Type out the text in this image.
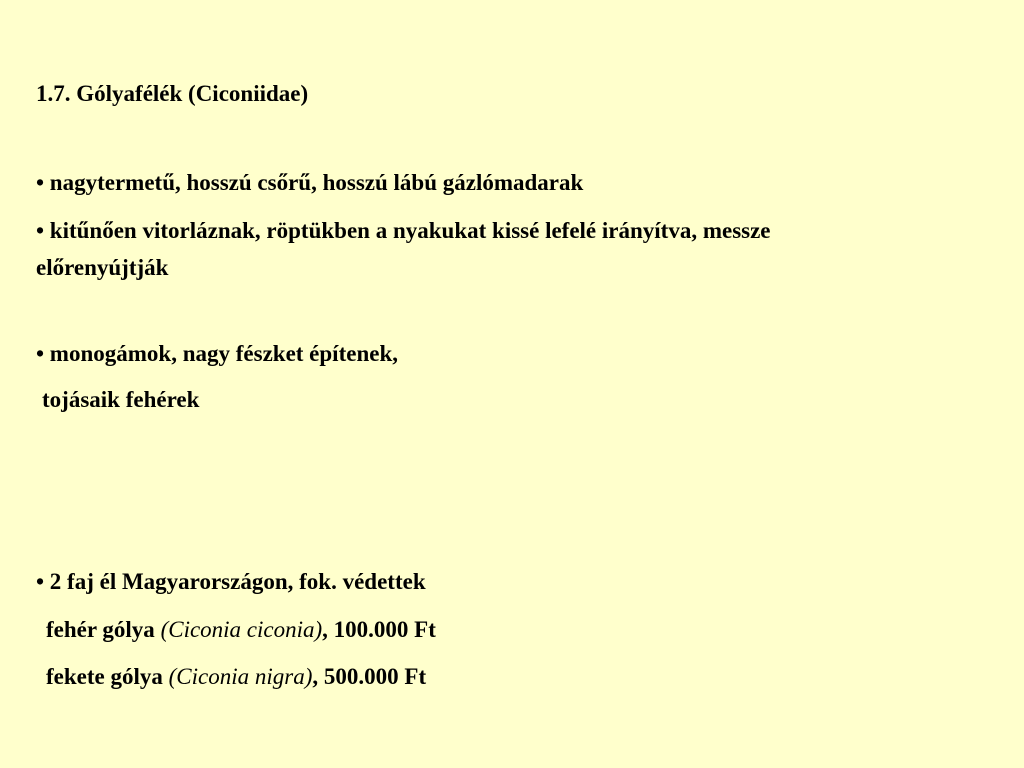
1.7. Gólyafélék (Ciconiidae)
• nagytermetű, hosszú csőrű, hosszú lábú gázlómadarak
• kitűnően vitorláznak, röptükben a nyakukat kissé lefelé irányítva, messze
előrenyújtják
• monogámok, nagy fészket építenek,
tojásaik fehérek
• 2 faj él Magyarországon, fok. védettek
fehér gólya (Ciconia ciconia), 100.000 Ft
fekete gólya (Ciconia nigra), 500.000 Ft
